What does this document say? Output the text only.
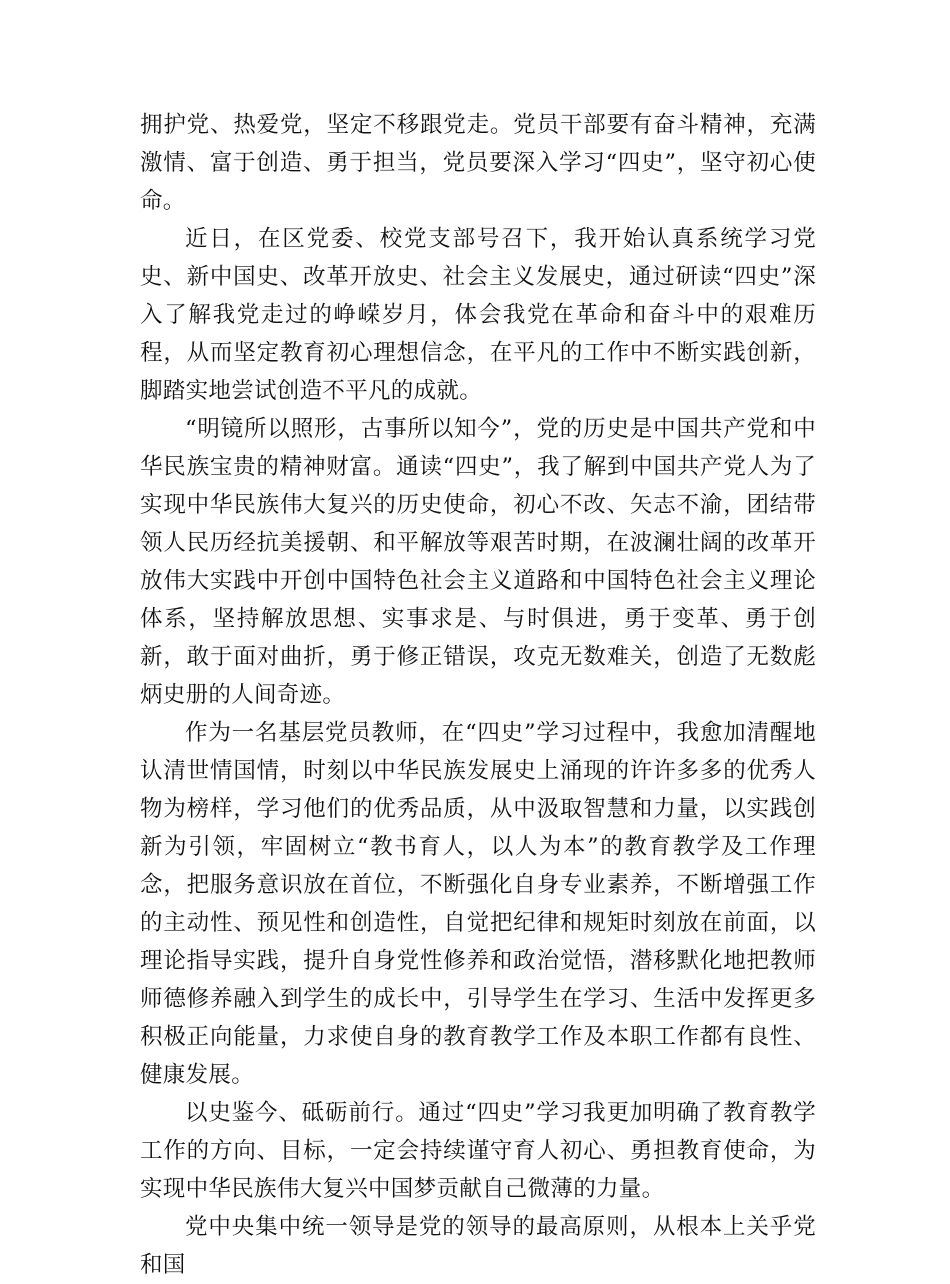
拥护党、热爱党，坚定不移跟党走。党员干部要有奋斗精神，充满激情、富于创造、勇于担当，党员要深入学习“四史”，坚守初心使命。

近日，在区党委、校党支部号召下，我开始认真系统学习党史、新中国史、改革开放史、社会主义发展史，通过研读“四史”深入了解我党走过的峥嵘岁月，体会我党在革命和奋斗中的艰难历程，从而坚定教育初心理想信念，在平凡的工作中不断实践创新，脚踏实地尝试创造不平凡的成就。

“明镜所以照形，古事所以知今”，党的历史是中国共产党和中华民族宝贵的精神财富。通读“四史”，我了解到中国共产党人为了实现中华民族伟大复兴的历史使命，初心不改、矢志不渝，团结带领人民历经抗美援朝、和平解放等艰苦时期，在波澜壮阔的改革开放伟大实践中开创中国特色社会主义道路和中国特色社会主义理论体系，坚持解放思想、实事求是、与时俱进，勇于变革、勇于创新，敢于面对曲折，勇于修正错误，攻克无数难关，创造了无数彪炳史册的人间奇迹。

作为一名基层党员教师，在“四史”学习过程中，我愈加清醒地认清世情国情，时刻以中华民族发展史上涌现的许许多多的优秀人物为榜样，学习他们的优秀品质，从中汲取智慧和力量，以实践创新为引领，牢固树立“教书育人，以人为本”的教育教学及工作理念，把服务意识放在首位，不断强化自身专业素养，不断增强工作的主动性、预见性和创造性，自觉把纪律和规矩时刻放在前面，以理论指导实践，提升自身党性修养和政治觉悟，潜移默化地把教师师德修养融入到学生的成长中，引导学生在学习、生活中发挥更多积极正向能量，力求使自身的教育教学工作及本职工作都有良性、健康发展。

以史鉴今、砥砺前行。通过“四史”学习我更加明确了教育教学工作的方向、目标，一定会持续谨守育人初心、勇担教育使命，为实现中华民族伟大复兴中国梦贡献自己微薄的力量。

党中央集中统一领导是党的领导的最高原则，从根本上关乎党和国
